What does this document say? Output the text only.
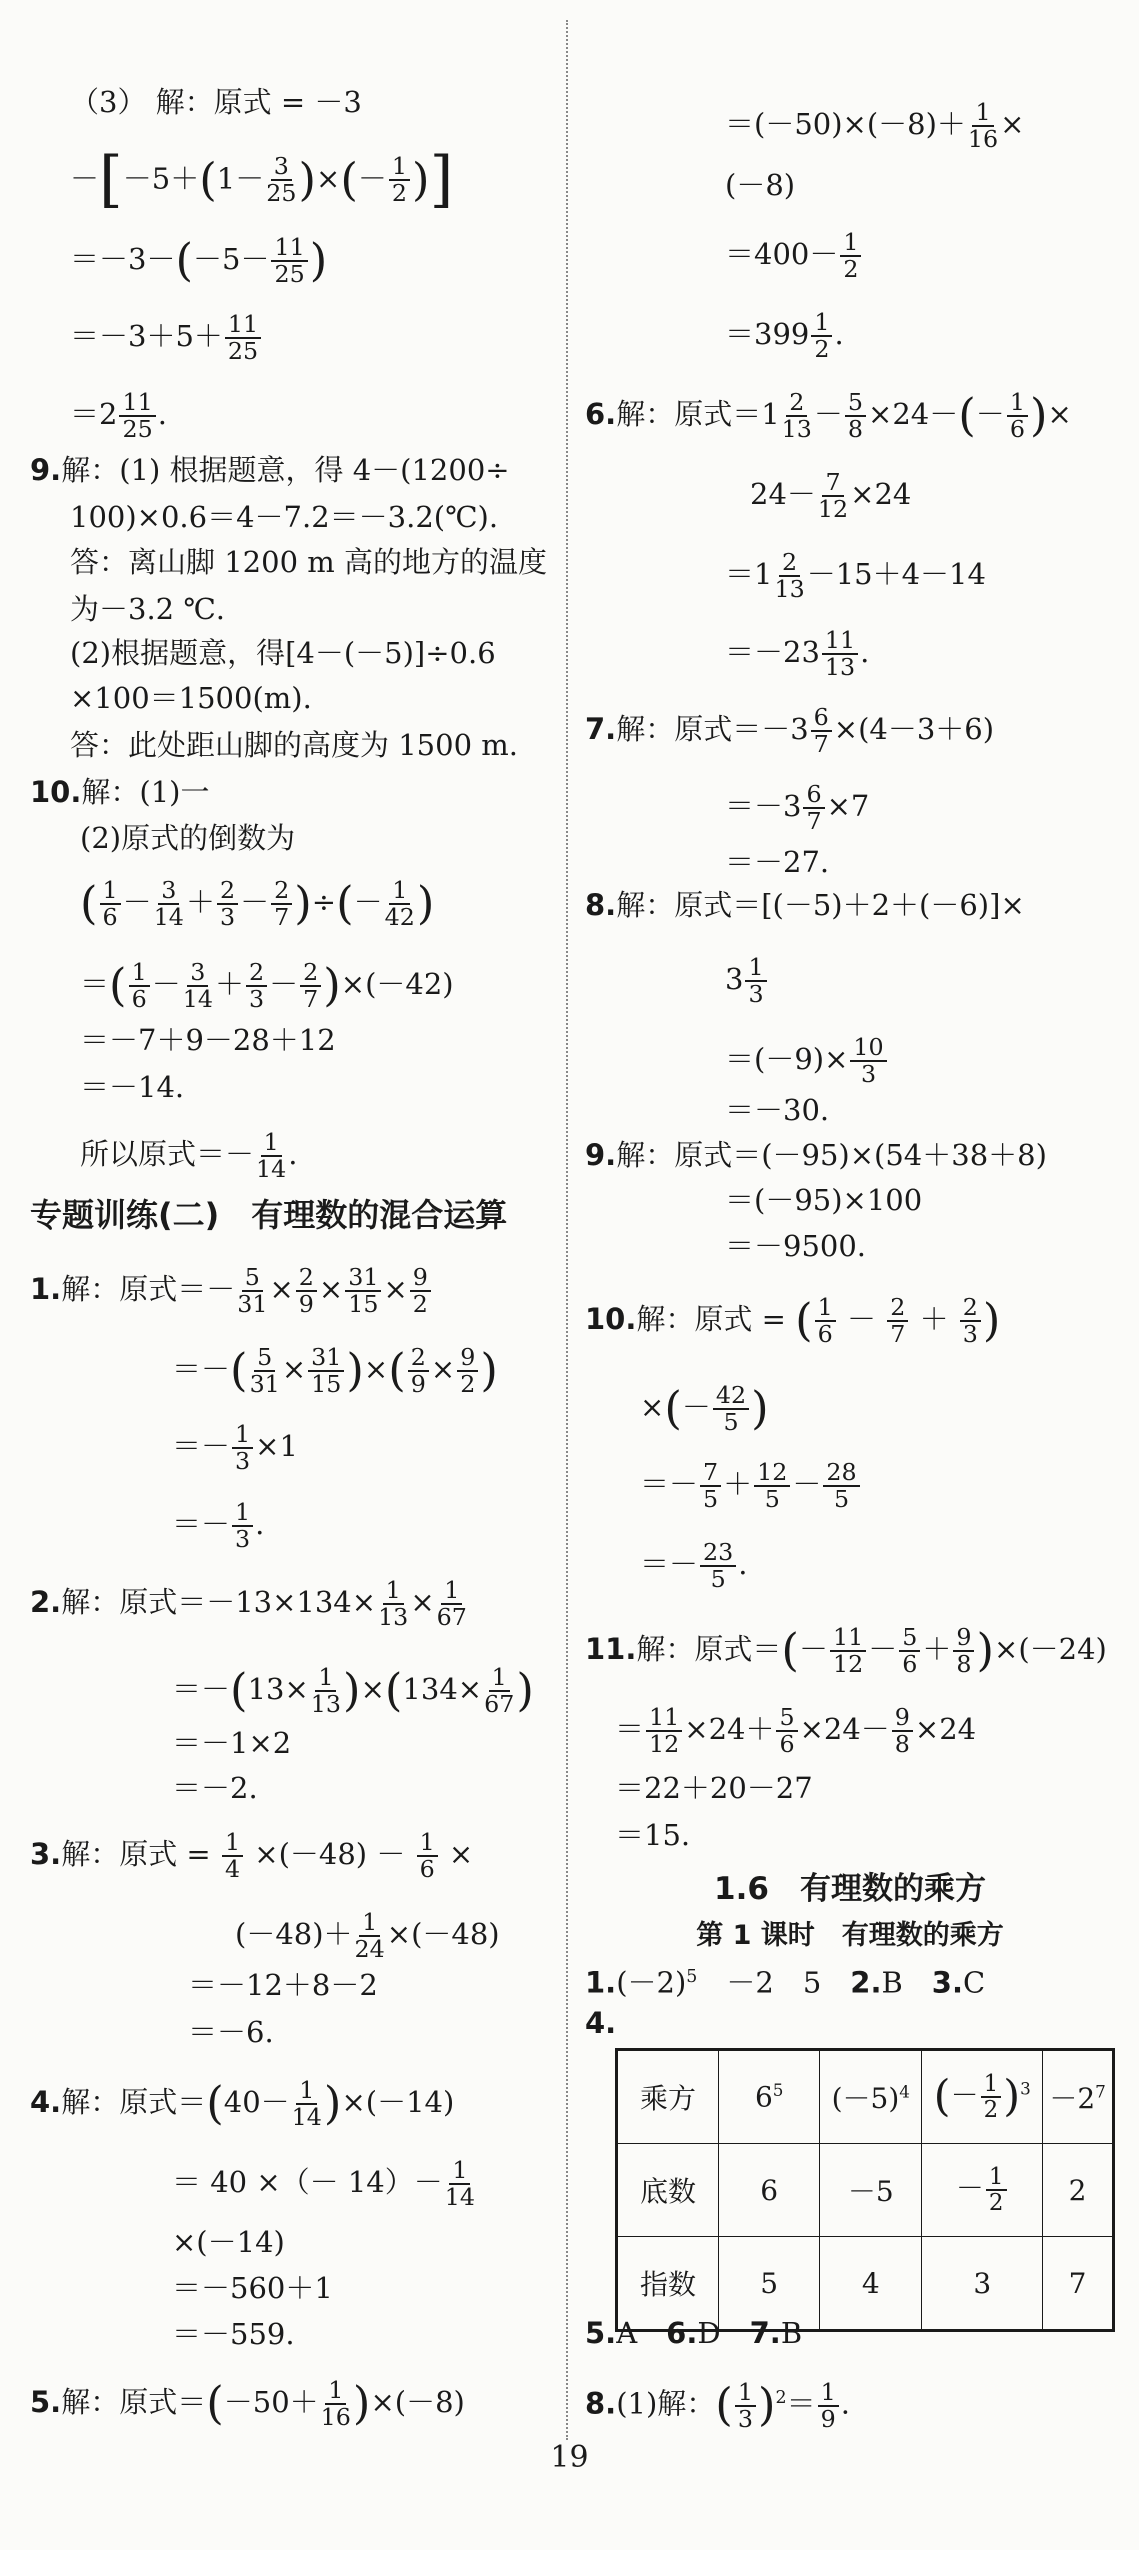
（3） 解：原式 = －3
$-[-5+(1- \frac{3}{25}$ )×(－ $\frac{1}{2}$ )]
$=-3-(-5- \frac{11}{25}$ )
$=-3+5+ \frac{11}{25}$
$=2 \frac{11}{25}$ .
9.解：(1) 根据题意，得 4－(1200÷
100)×0.6＝4－7.2＝－3.2(℃).
答：离山脚 1200 m 高的地方的温度
为－3.2 ℃.
(2)根据题意，得[4－(－5)]÷0.6
×100＝1500(m).
答：此处距山脚的高度为 1500 m.
10.解：(1)一
(2)原式的倒数为
( $\frac{1}{6} - \frac{3}{14} + \frac{2}{3} - \frac{2}{7}$ )÷(－ $\frac{1}{42}$ )
＝( $\frac{1}{6} - \frac{3}{14} + \frac{2}{3} - \frac{2}{7} )\times(-42)$
＝－7＋9－28＋12
＝－14.
所以原式＝－ $\frac{1}{14}$ .
专题训练(二)　有理数的混合运算
1.解：原式＝－ $\frac{5}{31} \times \frac{2}{9} \times \frac{31}{15} \times \frac{9}{2}$
＝－( $\frac{5}{31} \times \frac{31}{15}$ )×( $\frac{2}{9} \times \frac{9}{2}$ )
＝－ $\frac{1}{3} \times 1$
＝－ $\frac{1}{3}$ .
2.解：原式$=-13\times 134\times \frac{1}{13} \times \frac{1}{67}$
$=-(13\times \frac{1}{13} )\times(134\times \frac{1}{67}$ )
＝－1×2
＝－2.
3.解：原式 = $\frac{1}{4} \times(-48) - \frac{1}{6}$ ×
$(-48)+ \frac{1}{24} \times(-48)$
＝－12＋8－2
＝－6.
4.解：原式$=(40- \frac{1}{14} )\times(-14)$
＝ 40 ×（－ $14)- \frac{1}{14}$
×(－14)
＝－560＋1
＝－559.
5.解：原式$=(-50+ \frac{1}{16} )\times(-8)$
$=(-50)\times(-8)+ \frac{1}{16}$ ×
(－8)
$=400- \frac{1}{2}$
$=399 \frac{1}{2}$ .
6.解：原式$=1 \frac{2}{13} - \frac{5}{8} \times 24-(- \frac{1}{6}$ )×
$24- \frac{7}{12} \times 24$
$=1 \frac{2}{13} -15+4-14$
$=-23 \frac{11}{13}$ .
7.解：原式$=-3 \frac{6}{7} \times(4-3+6)$
$=-3 \frac{6}{7} \times 7$
＝－27.
8.解：原式＝[(－5)＋2＋(－6)]×
$3 \frac{1}{3}$
$=(-9)\times \frac{10}{3}$
＝－30.
9.解：原式＝(－95)×(54＋38＋8)
＝(－95)×100
＝－9500.
10.解：原式 = ( $\frac{1}{6} - \frac{2}{7} + \frac{2}{3}$ )
×(－ $\frac{42}{5}$ )
＝－ $\frac{7}{5} + \frac{12}{5} - \frac{28}{5}$
＝－ $\frac{23}{5}$ .
11.解：原式＝(－ $\frac{11}{12} - \frac{5}{6} + \frac{9}{8} )\times(-24)$
＝ $\frac{11}{12} \times 24+ \frac{5}{6} \times 24- \frac{9}{8} \times 24$
＝22＋20－27
＝15.
1.6　有理数的乘方
第 1 课时　有理数的乘方
$1.(-2)^5$　－2　5　2.B　3.C
4.
乘方	$6^5$	$(-5)^4$	(－ $\frac{1}{2} )^3$	$-2^7$
底数	6	－5	－ $\frac{1}{2}$	2
指数	5	4	3	7
5.A　6.D　7.B
8.(1)解：( $\frac{1}{3} )^2= \frac{1}{9}$ .
19
